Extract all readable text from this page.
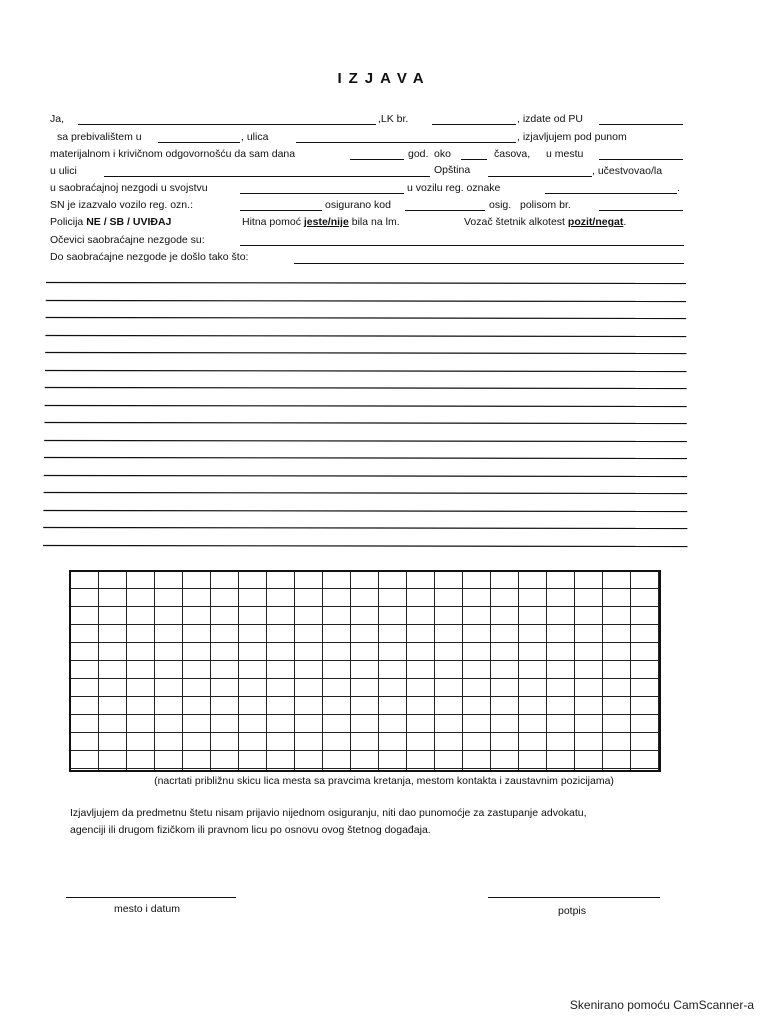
IZJAVA
Ja,	,LK br.	, izdate od PU
sa prebivalištem u	, ulica	, izjavljujem pod punom
materijalnom i krivičnom odgovornošću da sam dana	god. oko	časova, u mestu
u ulici	Opština	, učestvovao/la
u saobraćajnoj nezgodi u svojstvu	u vozilu reg. oznake	.
SN je izazvalo vozilo reg. ozn.:	osigurano kod	osig. polisom br.
Policija NE / SB / UVIĐAJ	Hitna pomoć jeste/nije bila na lm.	Vozač štetnik alkotest pozit/negat.
Očevici saobraćajne nezgode su:
Do saobraćajne nezgode je došlo tako što:
(nacrtati približnu skicu lica mesta sa pravcima kretanja, mestom kontakta i zaustavnim pozicijama)
Izjavljujem da predmetnu štetu nisam prijavio nijednom osiguranju, niti dao punomoćje za zastupanje advokatu,
agenciji ili drugom fizičkom ili pravnom licu po osnovu ovog štetnog događaja.
mesto i datum	potpis
Skenirano pomoću CamScanner-a
